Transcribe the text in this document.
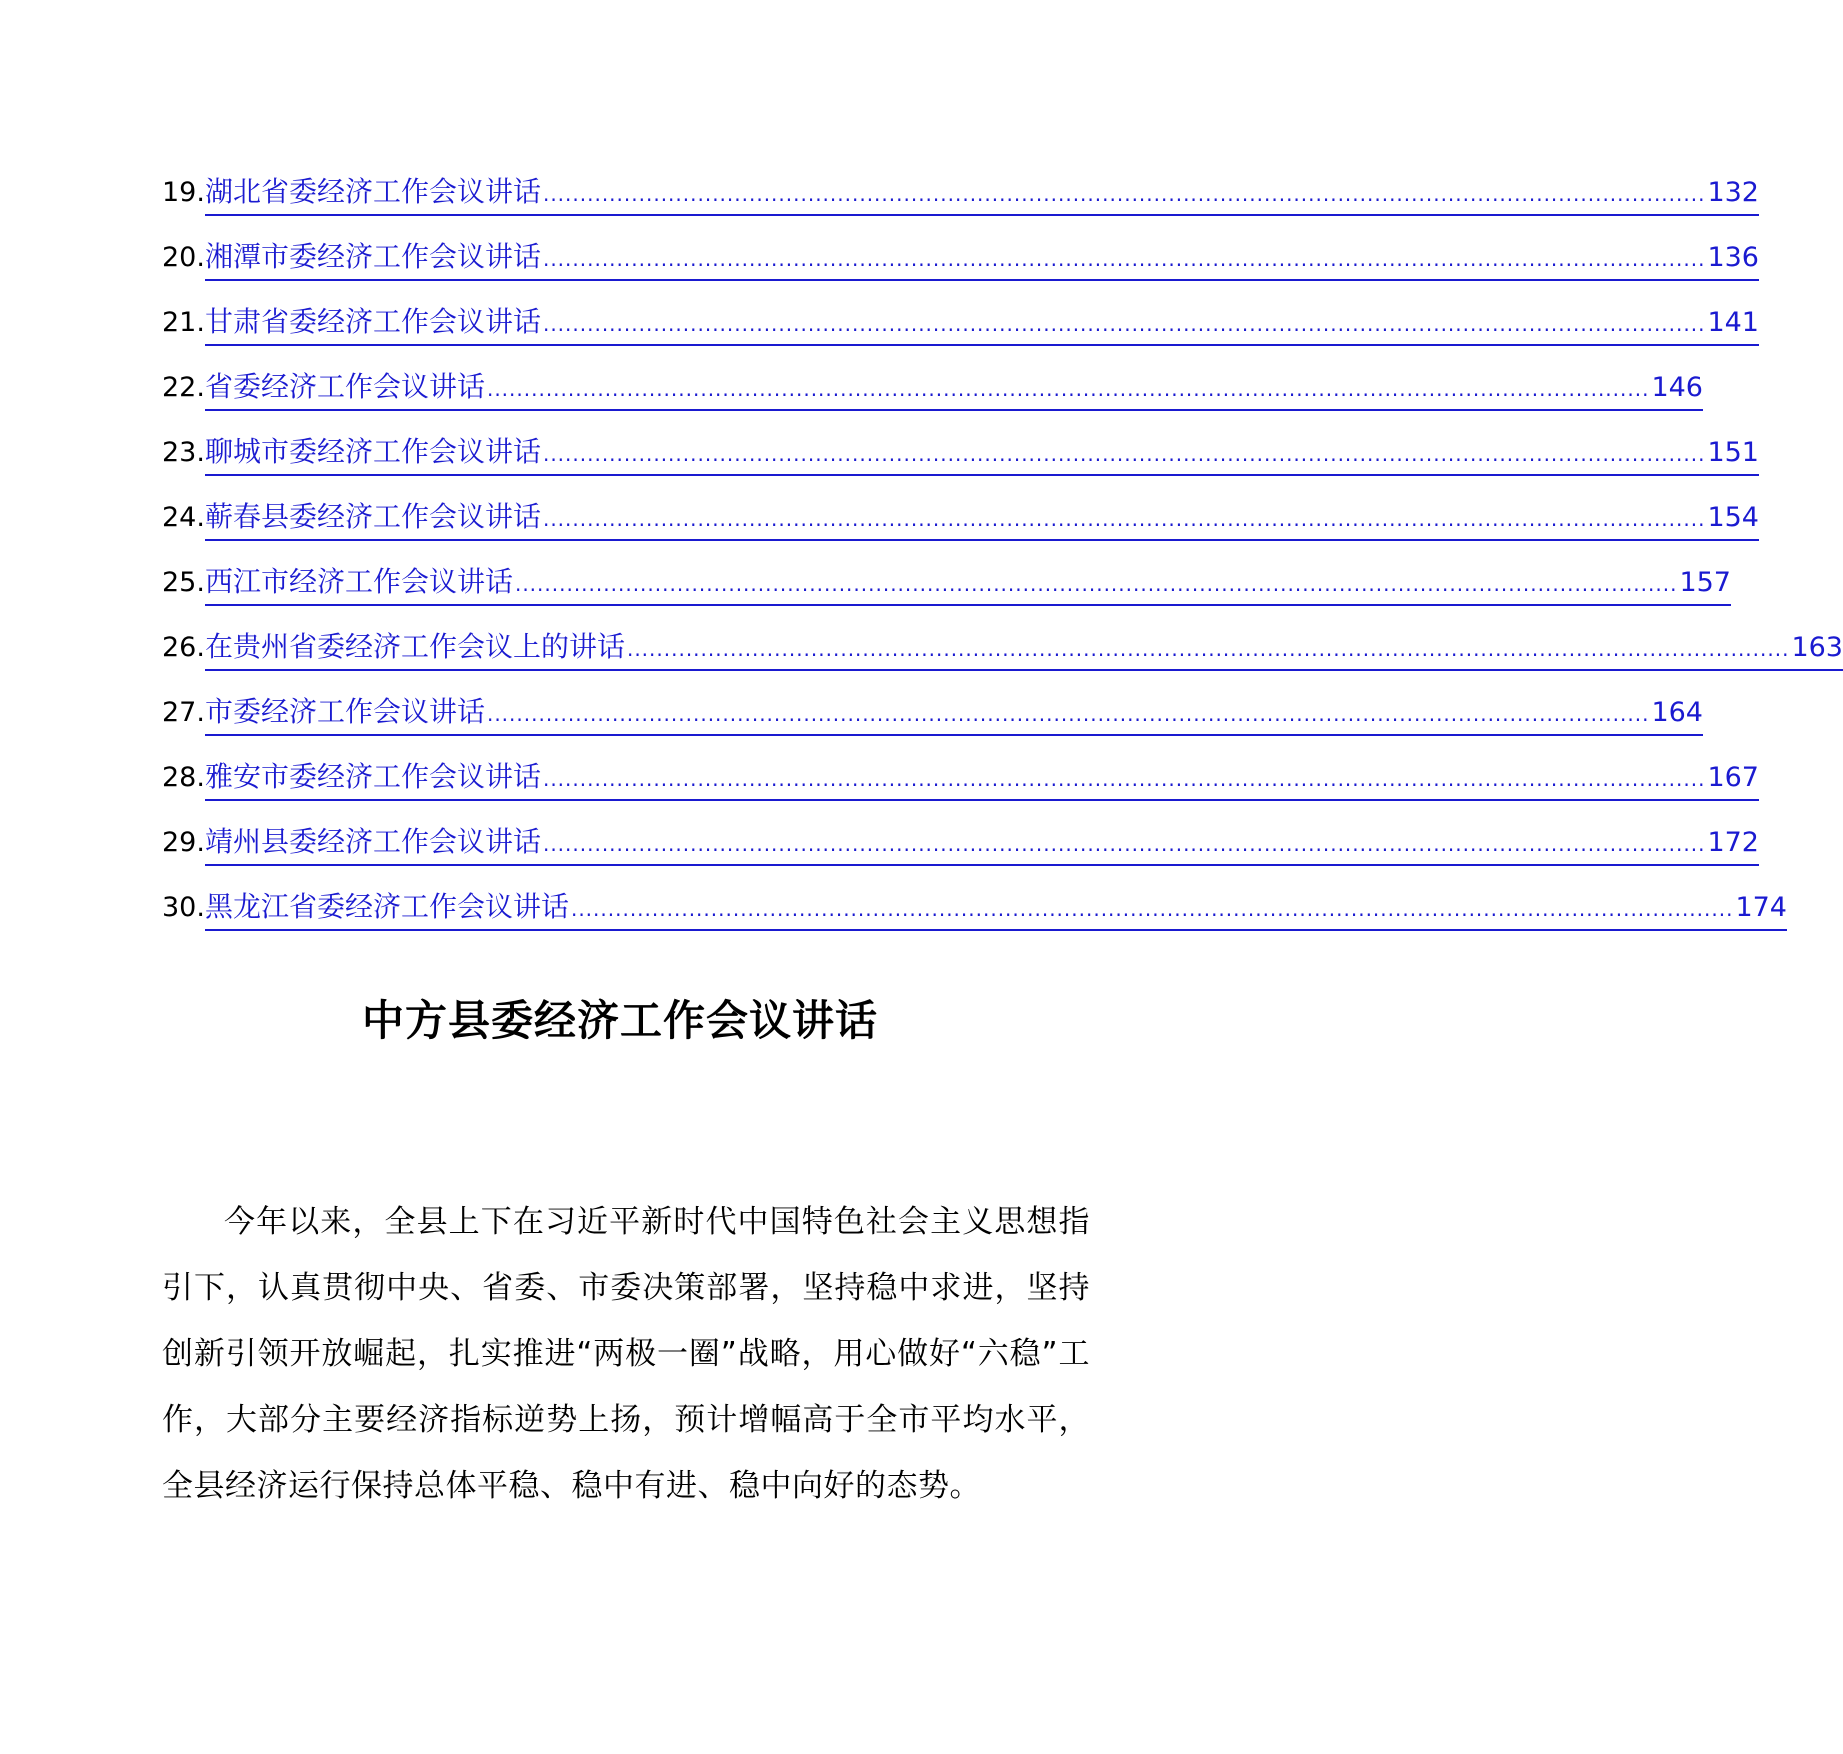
19. 湖北省委经济工作会议讲话 .............................................................................................................................................................. 132
20. 湘潭市委经济工作会议讲话 .............................................................................................................................................................. 136
21. 甘肃省委经济工作会议讲话 .............................................................................................................................................................. 141
22. 省委经济工作会议讲话 .............................................................................................................................................................. 146
23. 聊城市委经济工作会议讲话 .............................................................................................................................................................. 151
24. 蕲春县委经济工作会议讲话 .............................................................................................................................................................. 154
25. 西江市经济工作会议讲话 .............................................................................................................................................................. 157
26. 在贵州省委经济工作会议上的讲话 .............................................................................................................................................................. 163
27. 市委经济工作会议讲话 .............................................................................................................................................................. 164
28. 雅安市委经济工作会议讲话 .............................................................................................................................................................. 167
29. 靖州县委经济工作会议讲话 .............................................................................................................................................................. 172
30. 黑龙江省委经济工作会议讲话 .............................................................................................................................................................. 174
中方县委经济工作会议讲话

今年以来，全县上下在习近平新时代中国特色社会主义思想指引下，认真贯彻中央、省委、市委决策部署，坚持稳中求进，坚持创新引领开放崛起，扎实推进“两极一圈”战略，用心做好“六稳”工作，大部分主要经济指标逆势上扬，预计增幅高于全市平均水平，全县经济运行保持总体平稳、稳中有进、稳中向好的态势。
